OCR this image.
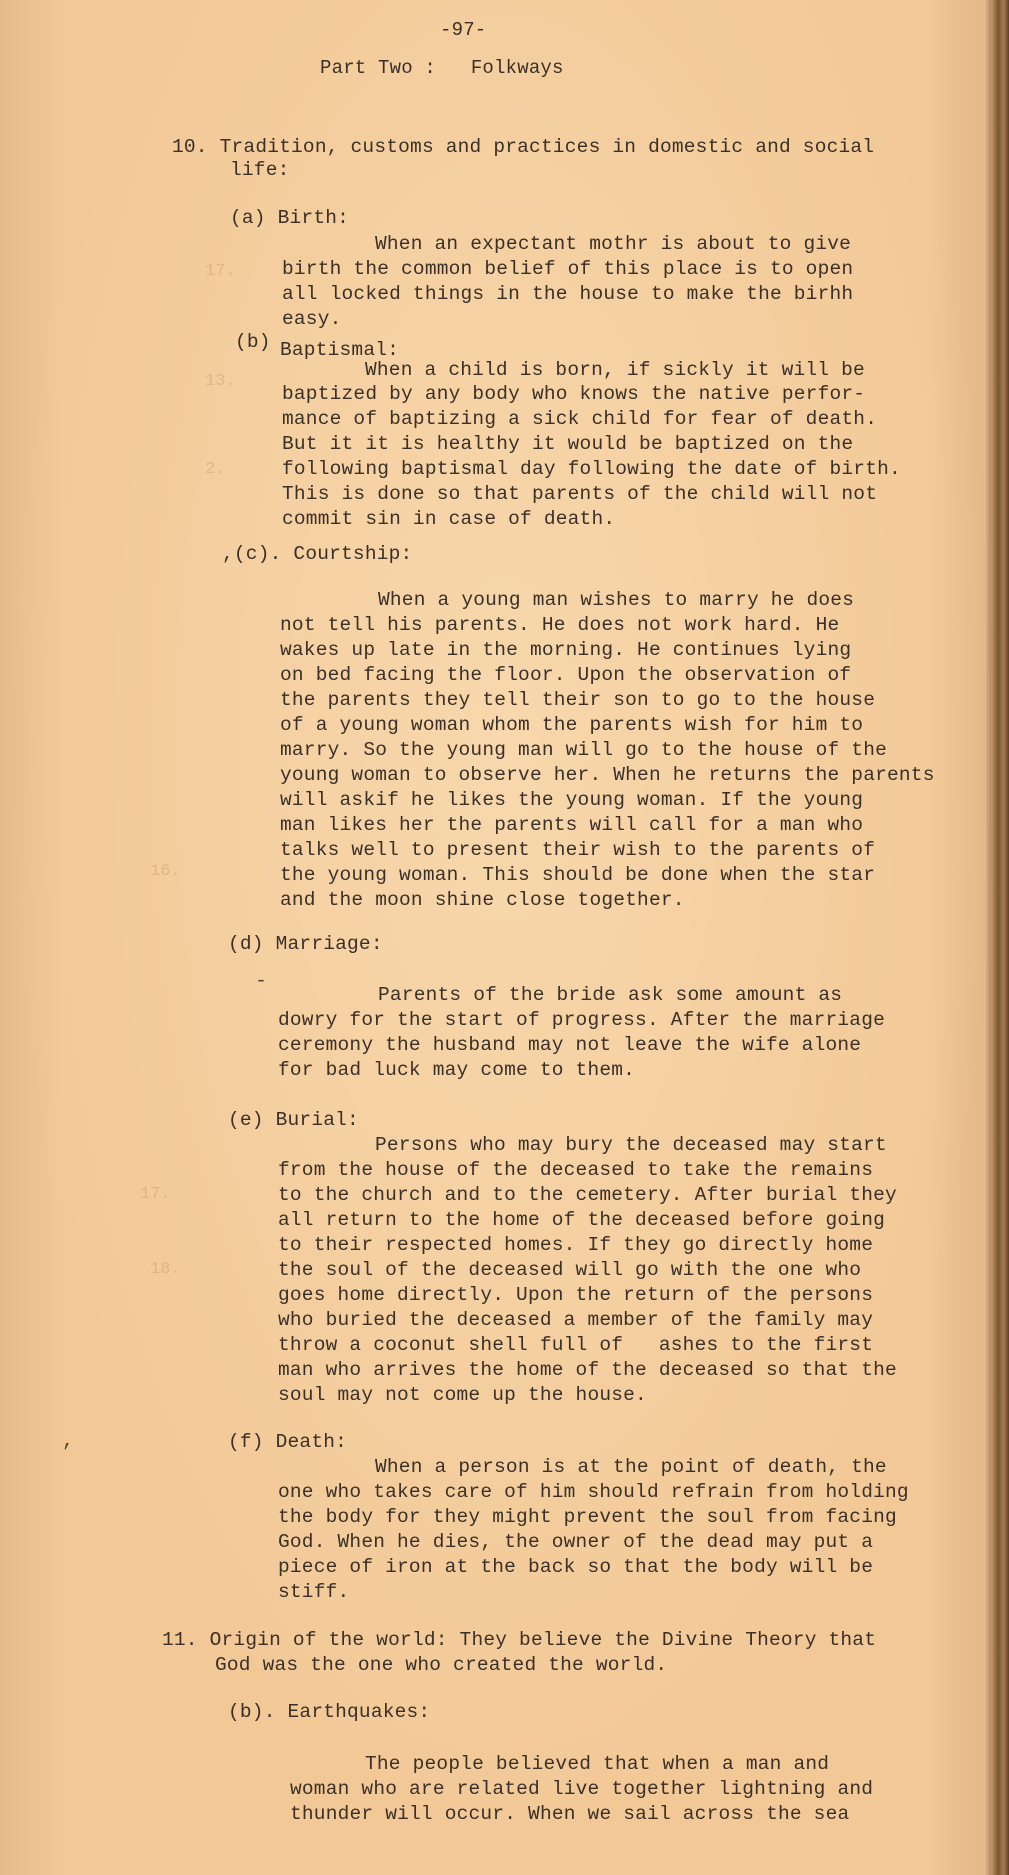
17.
13.
2.
16.
17.
18.
-97-
Part Two :   Folkways
10. Tradition, customs and practices in domestic and social
life:
(a) Birth:
When an expectant mothr is about to give
birth the common belief of this place is to open
all locked things in the house to make the birhh
easy.
(b) Baptismal:
When a child is born, if sickly it will be
baptized by any body who knows the native perfor-
mance of baptizing a sick child for fear of death.
But it it is healthy it would be baptized on the
following baptismal day following the date of birth.
This is done so that parents of the child will not
commit sin in case of death.
,(c). Courtship:
When a young man wishes to marry he does
not tell his parents. He does not work hard. He
wakes up late in the morning. He continues lying
on bed facing the floor. Upon the observation of
the parents they tell their son to go to the house
of a young woman whom the parents wish for him to
marry. So the young man will go to the house of the
young woman to observe her. When he returns the parents
will askif he likes the young woman. If the young
man likes her the parents will call for a man who
talks well to present their wish to the parents of
the young woman. This should be done when the star
and the moon shine close together.
(d) Marriage:
Parents of the bride ask some amount as
dowry for the start of progress. After the marriage
ceremony the husband may not leave the wife alone
for bad luck may come to them.
(e) Burial:
Persons who may bury the deceased may start
from the house of the deceased to take the remains
to the church and to the cemetery. After burial they
all return to the home of the deceased before going
to their respected homes. If they go directly home
the soul of the deceased will go with the one who
goes home directly. Upon the return of the persons
who buried the deceased a member of the family may
throw a coconut shell full of   ashes to the first
man who arrives the home of the deceased so that the
soul may not come up the house.
(f) Death:
When a person is at the point of death, the
one who takes care of him should refrain from holding
the body for they might prevent the soul from facing
God. When he dies, the owner of the dead may put a
piece of iron at the back so that the body will be
stiff.
11. Origin of the world: They believe the Divine Theory that
God was the one who created the world.
(b). Earthquakes:
The people believed that when a man and
woman who are related live together lightning and
thunder will occur. When we sail across the sea
-
,
